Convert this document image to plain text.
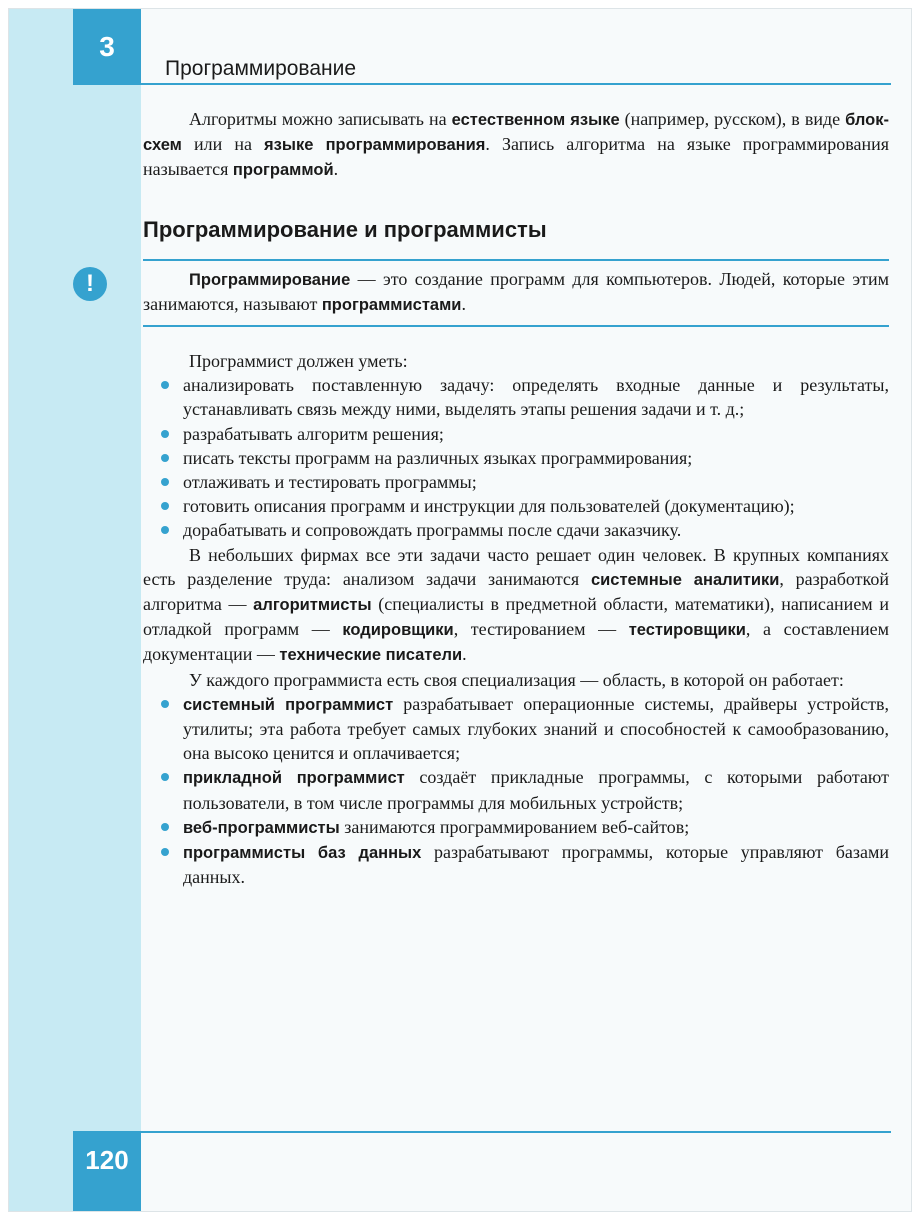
3
Программирование

Алгоритмы можно записывать на естественном языке (например, русском), в виде блок-схем или на языке программирования. Запись алгоритма на языке программирования называется программой.

Программирование и программисты
!	Программирование — это создание программ для компьютеров. Людей, которые этим занимаются, называют программистами.

Программист должен уметь:

анализировать поставленную задачу: определять входные данные и результаты, устанавливать связь между ними, выделять этапы решения задачи и т. д.;
разрабатывать алгоритм решения;
писать тексты программ на различных языках программирования;
отлаживать и тестировать программы;
готовить описания программ и инструкции для пользователей (документацию);
дорабатывать и сопровождать программы после сдачи заказчику.

В небольших фирмах все эти задачи часто решает один человек. В крупных компаниях есть разделение труда: анализом задачи занимаются системные аналитики, разработкой алгоритма — алгоритмисты (специалисты в предметной области, математики), написанием и отладкой программ — кодировщики, тестированием — тестировщики, а составлением документации — технические писатели.

У каждого программиста есть своя специализация — область, в которой он работает:

системный программист разрабатывает операционные системы, драйверы устройств, утилиты; эта работа требует самых глубоких знаний и способностей к самообразованию, она высоко ценится и оплачивается;
прикладной программист создаёт прикладные программы, с которыми работают пользователи, в том числе программы для мобильных устройств;
веб-программисты занимаются программированием веб-сайтов;
программисты баз данных разрабатывают программы, которые управляют базами данных.
120
